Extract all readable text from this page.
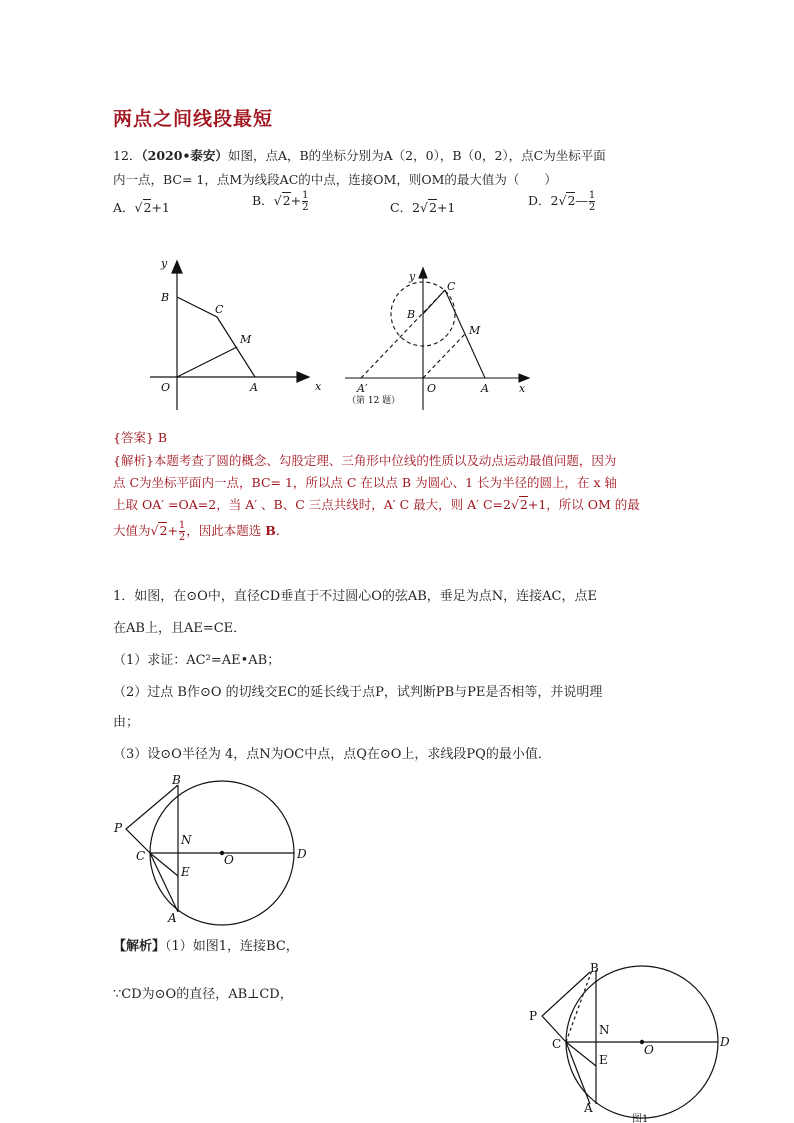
两点之间线段最短
12．（2020•泰安）如图，点A，B的坐标分别为A（2，0），B（0，2），点C为坐标平面
内一点，BC= 1，点M为线段AC的中点，连接OM，则OM的最大值为（　　）
A．√2+1	B．$√2+ \frac{1}{2}$	C．2√2+1	D．2√2— $\frac{1}{2}$
y
x
B
C
M
O	A
y
x
B
C
M
O	A
A′
（第 12 题）
{答案} B
{解析}本题考查了圆的概念、勾股定理、三角形中位线的性质以及动点运动最值问题，因为
点 C为坐标平面内一点，BC= 1，所以点 C 在以点 B 为圆心、1 长为半径的圆上，在 x 轴
上取 OA′ =OA=2，当 A′ 、B、C 三点共线时，A′ C 最大，则 A′ C=2√2+1，所以 OM 的最
大值为$√2+ \frac{1}{2}$ ，因此本题选 B．
1．如图，在⊙O中，直径CD垂直于不过圆心O的弦AB，垂足为点N，连接AC，点E
在AB上，且AE=CE．
（1）求证：AC²=AE•AB；
（2）过点 B作⊙O 的切线交EC的延长线于点P，试判断PB与PE是否相等，并说明理
由；
（3）设⊙O半径为 4，点N为OC中点，点Q在⊙O上，求线段PQ的最小值．
B
P
N
C	O	D
E
A
【解析】（1）如图1，连接BC，
∵CD为⊙O的直径，AB⊥CD，
B
P
N
C	O
D
E
A
图1
